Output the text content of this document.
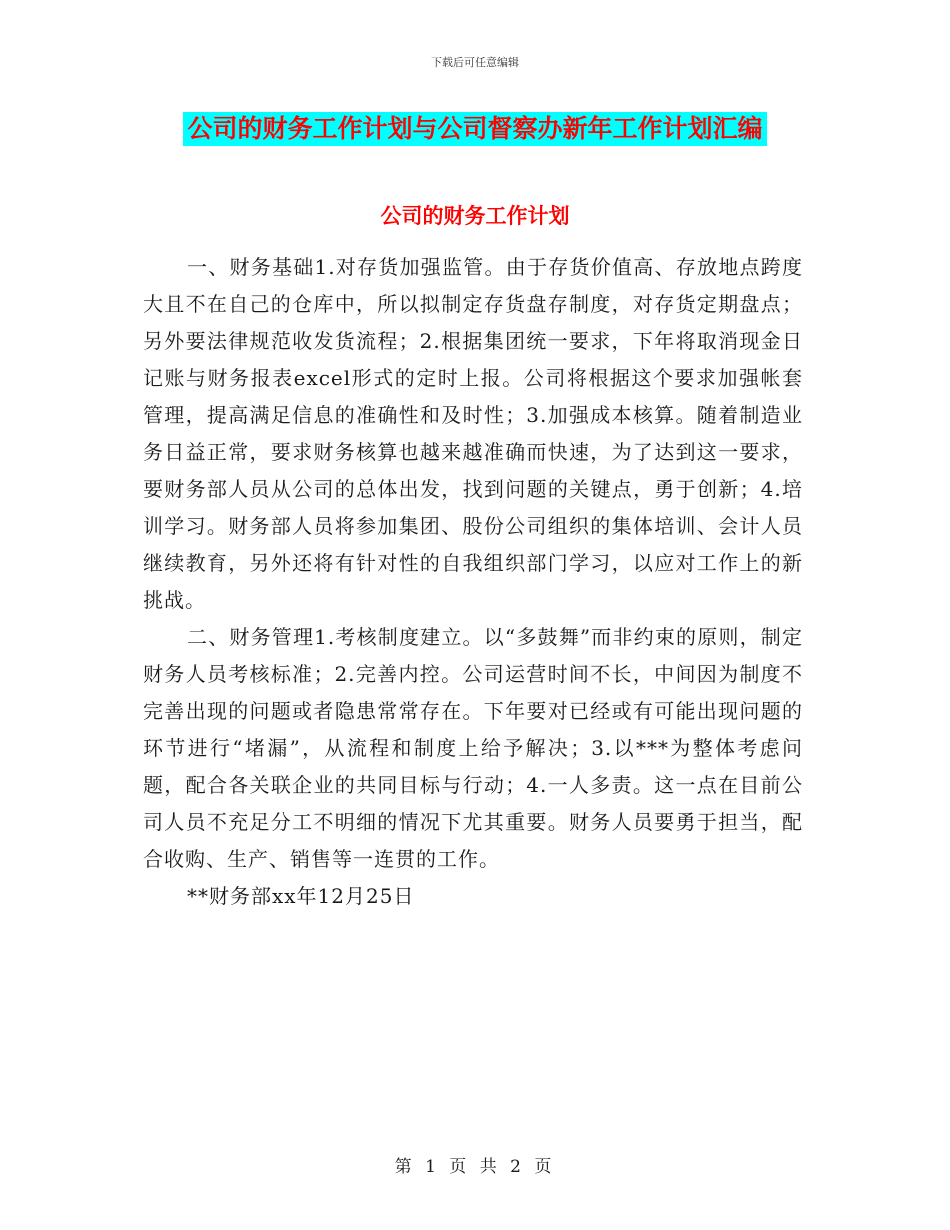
下载后可任意编辑
公司的财务工作计划与公司督察办新年工作计划汇编
公司的财务工作计划

一、财务基础1.对存货加强监管。由于存货价值高、存放地点跨度大且不在自己的仓库中，所以拟制定存货盘存制度，对存货定期盘点；另外要法律规范收发货流程；2.根据集团统一要求，下年将取消现金日记账与财务报表excel形式的定时上报。公司将根据这个要求加强帐套管理，提高满足信息的准确性和及时性；3.加强成本核算。随着制造业务日益正常，要求财务核算也越来越准确而快速，为了达到这一要求，要财务部人员从公司的总体出发，找到问题的关键点，勇于创新；4.培训学习。财务部人员将参加集团、股份公司组织的集体培训、会计人员继续教育，另外还将有针对性的自我组织部门学习，以应对工作上的新挑战。

二、财务管理1.考核制度建立。以“多鼓舞”而非约束的原则，制定财务人员考核标准；2.完善内控。公司运营时间不长，中间因为制度不完善出现的问题或者隐患常常存在。下年要对已经或有可能出现问题的环节进行“堵漏”，从流程和制度上给予解决；3.以***为整体考虑问题，配合各关联企业的共同目标与行动；4.一人多责。这一点在目前公司人员不充足分工不明细的情况下尤其重要。财务人员要勇于担当，配合收购、生产、销售等一连贯的工作。

**财务部xx年12月25日

第 1 页 共 2 页
